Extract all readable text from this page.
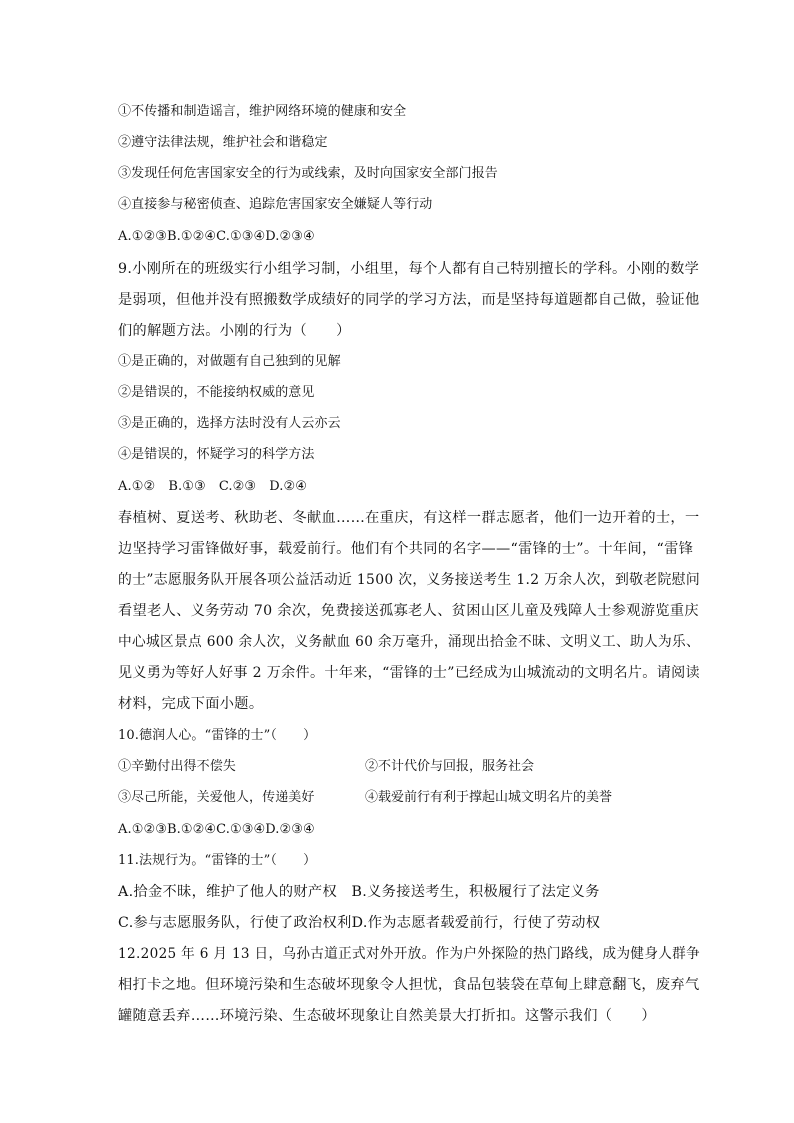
①不传播和制造谣言，维护网络环境的健康和安全
②遵守法律法规，维护社会和谐稳定
③发现任何危害国家安全的行为或线索，及时向国家安全部门报告
④直接参与秘密侦查、追踪危害国家安全嫌疑人等行动
A.①②③B.①②④C.①③④D.②③④
9.小刚所在的班级实行小组学习制，小组里，每个人都有自己特别擅长的学科。小刚的数学
是弱项，但他并没有照搬数学成绩好的同学的学习方法，而是坚持每道题都自己做，验证他
们的解题方法。小刚的行为（　　）
①是正确的，对做题有自己独到的见解
②是错误的，不能接纳权威的意见
③是正确的，选择方法时没有人云亦云
④是错误的，怀疑学习的科学方法
A.①②　B.①③　C.②③　D.②④
春植树、夏送考、秋助老、冬献血……在重庆，有这样一群志愿者，他们一边开着的士，一
边坚持学习雷锋做好事，载爱前行。他们有个共同的名字——“雷锋的士”。十年间，“雷锋
的士”志愿服务队开展各项公益活动近 1500 次，义务接送考生 1.2 万余人次，到敬老院慰问
看望老人、义务劳动 70 余次，免费接送孤寡老人、贫困山区儿童及残障人士参观游览重庆
中心城区景点 600 余人次，义务献血 60 余万毫升，涌现出拾金不昧、文明义工、助人为乐、
见义勇为等好人好事 2 万余件。十年来，“雷锋的士”已经成为山城流动的文明名片。请阅读
材料，完成下面小题。
10.德润人心。“雷锋的士”（　　）
①辛勤付出得不偿失	②不计代价与回报，服务社会
③尽己所能，关爱他人，传递美好	④载爱前行有利于撑起山城文明名片的美誉
A.①②③B.①②④C.①③④D.②③④
11.法规行为。“雷锋的士”（　　）
A.拾金不昧，维护了他人的财产权　B.义务接送考生，积极履行了法定义务
C.参与志愿服务队，行使了政治权利D.作为志愿者载爱前行，行使了劳动权
12.2025 年 6 月 13 日，乌孙古道正式对外开放。作为户外探险的热门路线，成为健身人群争
相打卡之地。但环境污染和生态破坏现象令人担忧，食品包装袋在草甸上肆意翻飞，废弃气
罐随意丢弃……环境污染、生态破坏现象让自然美景大打折扣。这警示我们（　　）
